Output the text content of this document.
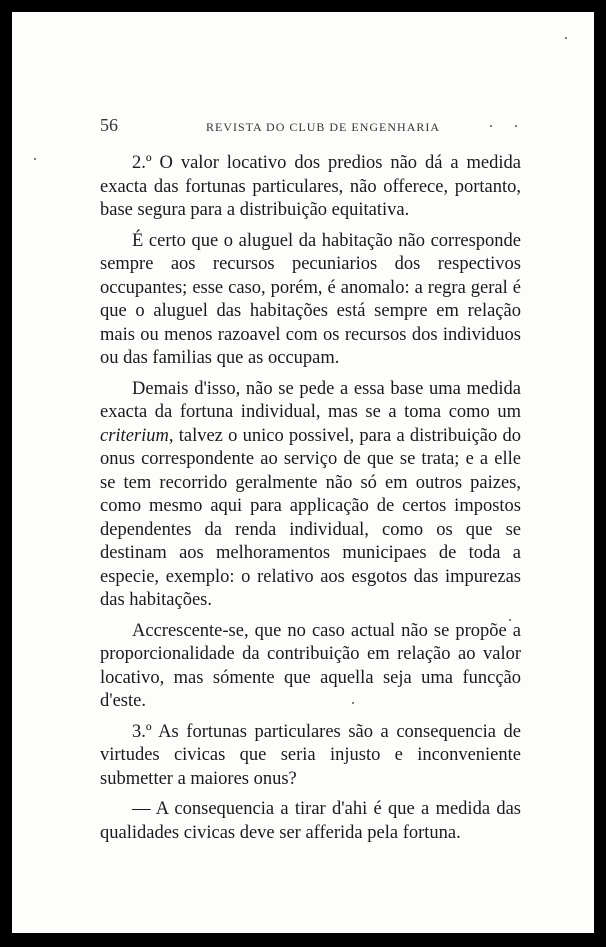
56	REVISTA DO CLUB DE ENGENHARIA

2.º O valor locativo dos predios não dá a medida exacta das fortunas particulares, não offerece, portanto, base segura para a distribuição equitativa.

É certo que o aluguel da habitação não corresponde sempre aos recursos pecuniarios dos respectivos occupantes; esse caso, porém, é anomalo: a regra geral é que o aluguel das habitações está sempre em relação mais ou menos razoavel com os recursos dos individuos ou das familias que as occupam.

Demais d'isso, não se pede a essa base uma medida exacta da fortuna individual, mas se a toma como um criterium, talvez o unico possivel, para a distribuição do onus correspondente ao serviço de que se trata; e a elle se tem recorrido geralmente não só em outros paizes, como mesmo aqui para applicação de certos impostos dependentes da renda individual, como os que se destinam aos melhoramentos municipaes de toda a especie, exemplo: o relativo aos esgotos das impurezas das habitações.

Accrescente-se, que no caso actual não se propõe a proporcionalidade da contribuição em relação ao valor locativo, mas sómente que aquella seja uma funcção d'este.

3.º As fortunas particulares são a consequencia de virtudes civicas que seria injusto e inconveniente submetter a maiores onus?

— A consequencia a tirar d'ahi é que a medida das qualidades civicas deve ser afferida pela fortuna.
